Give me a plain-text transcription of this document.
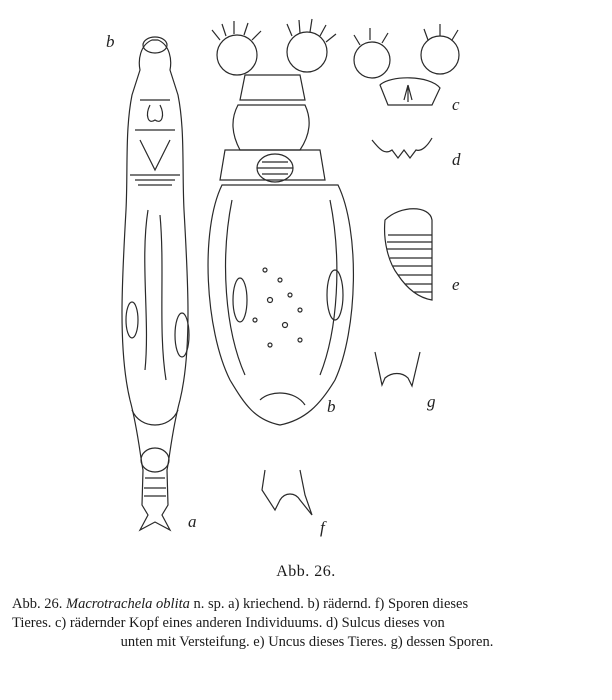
b
c
d
e
b	g
f
a
Abb. 26.
Abb. 26. Macrotrachela oblita n. sp. a) kriechend. b) rädernd. f) Sporen dieses
Tieres. c) rädernder Kopf eines anderen Individuums. d) Sulcus dieses von

unten mit Versteifung. e) Uncus dieses Tieres. g) dessen Sporen.
